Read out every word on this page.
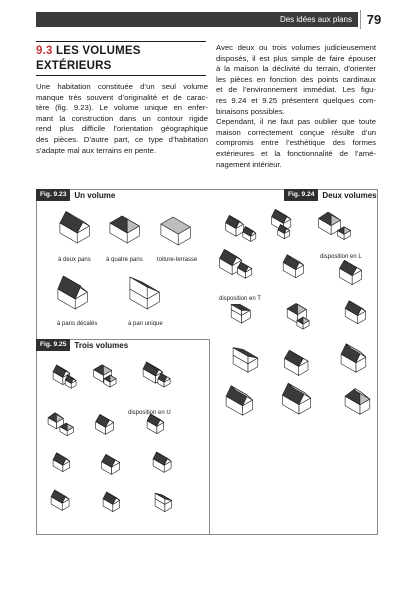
Des idées aux plans	79
9.3 LES VOLUMES
EXTÉRIEURS
Une habitation constituée d’un seul volume
manque très souvent d’originalité et de carac-
tère (fig. 9.23). Le volume unique en enfer-
mant la construction dans un contour rigide
rend plus difficile l’orientation géographique
des pièces. D’autre part, ce type d’habitation
s’adapte mal aux terrains en pente.
Avec deux ou trois volumes judicieusement
disposés, il est plus simple de faire épouser
à la maison la déclivité du terrain, d’orienter
les pièces en fonction des points cardinaux
et de l’environnement immédiat. Les figu-
res 9.24 et 9.25 présentent quelques com-
binaisons possibles.
Cependant, il ne faut pas oublier que toute
maison correctement conçue résulte d’un
compromis entre l’esthétique des formes
extérieures et la fonctionnalité de l’amé-
nagement intérieur.
Fig. 9.23	Un volume	Fig. 9.24	Deux volumes
Fig. 9.25	Trois volumes
à deux pans	à quatre pans toiture-terrasse
à pans décalés	à pan unique
disposition en L
disposition en T
disposition en U
